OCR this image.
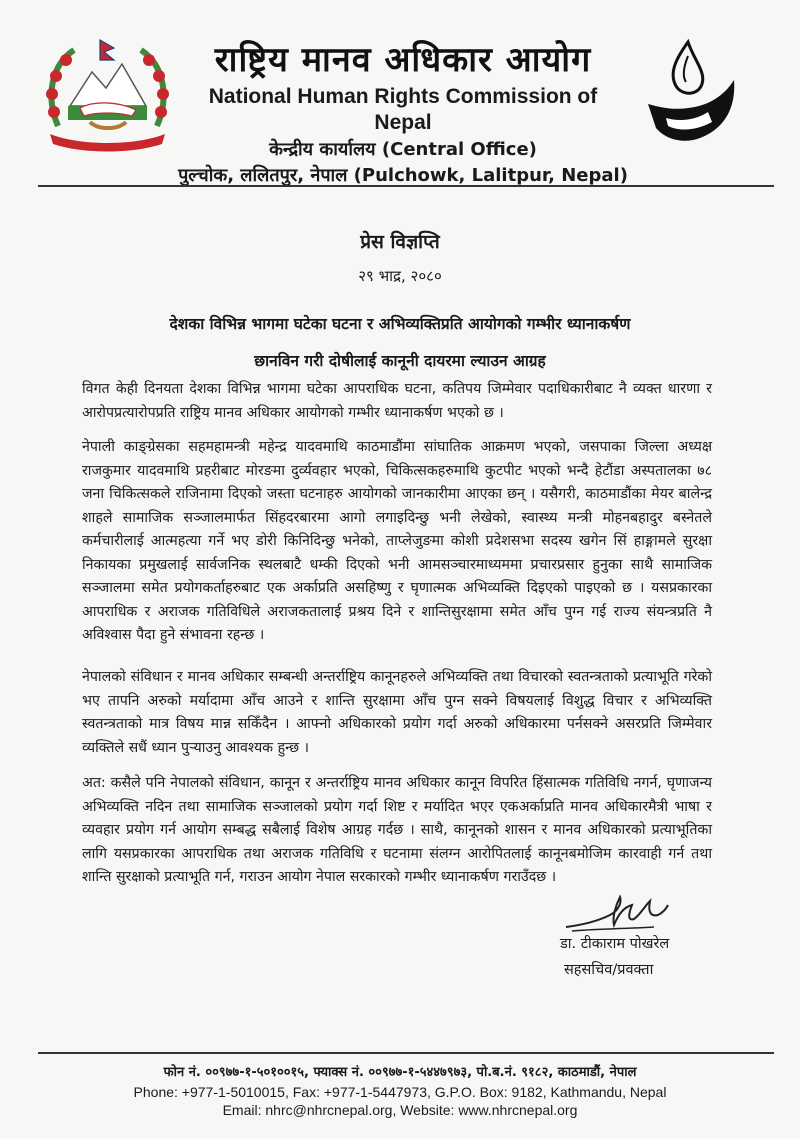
राष्ट्रिय मानव अधिकार आयोग
National Human Rights Commission of Nepal
केन्द्रीय कार्यालय (Central Office)
पुल्चोक, ललितपुर, नेपाल (Pulchowk, Lalitpur, Nepal)
प्रेस विज्ञप्ति
२९ भाद्र, २०८०
देशका विभिन्न भागमा घटेका घटना र अभिव्यक्तिप्रति आयोगको गम्भीर ध्यानाकर्षण
छानविन गरी दोषीलाई कानूनी दायरमा ल्याउन आग्रह
विगत केही दिनयता देशका विभिन्न भागमा घटेका आपराधिक घटना, कतिपय जिम्मेवार पदाधिकारीबाट नै व्यक्त धारणा र आरोपप्रत्यारोपप्रति राष्ट्रिय मानव अधिकार आयोगको गम्भीर ध्यानाकर्षण भएको छ ।
नेपाली काङ्ग्रेसका सहमहामन्त्री महेन्द्र यादवमाथि काठमाडौंमा सांघातिक आक्रमण भएको, जसपाका जिल्ला अध्यक्ष राजकुमार यादवमाथि प्रहरीबाट मोरङमा दुर्व्यवहार भएको, चिकित्सकहरुमाथि कुटपीट भएको भन्दै हेटौंडा अस्पतालका ७८ जना चिकित्सकले राजिनामा दिएको जस्ता घटनाहरु आयोगको जानकारीमा आएका छन् । यसैगरी, काठमाडौंका मेयर बालेन्द्र शाहले सामाजिक सञ्जालमार्फत सिंहदरबारमा आगो लगाइदिन्छु भनी लेखेको, स्वास्थ्य मन्त्री मोहनबहादुर बस्नेतले कर्मचारीलाई आत्महत्या गर्ने भए डोरी किनिदिन्छु भनेको, ताप्लेजुङमा कोशी प्रदेशसभा सदस्य खगेन सिं हाङ्गामले सुरक्षा निकायका प्रमुखलाई सार्वजनिक स्थलबाटै धम्की दिएको भनी आमसञ्चारमाध्यममा प्रचारप्रसार हुनुका साथै सामाजिक सञ्जालमा समेत प्रयोगकर्ताहरुबाट एक अर्काप्रति असहिष्णु र घृणात्मक अभिव्यक्ति दिइएको पाइएको छ । यसप्रकारका आपराधिक र अराजक गतिविधिले अराजकतालाई प्रश्रय दिने र शान्तिसुरक्षामा समेत आँच पुग्न गई राज्य संयन्त्रप्रति नै अविश्वास पैदा हुने संभावना रहन्छ ।
नेपालको संविधान र मानव अधिकार सम्बन्धी अन्तर्राष्ट्रिय कानूनहरुले अभिव्यक्ति तथा विचारको स्वतन्त्रताको प्रत्याभूति गरेको भए तापनि अरुको मर्यादामा आँच आउने र शान्ति सुरक्षामा आँच पुग्न सक्ने विषयलाई विशुद्ध विचार र अभिव्यक्ति स्वतन्त्रताको मात्र विषय मान्न सकिँदैन । आफ्नो अधिकारको प्रयोग गर्दा अरुको अधिकारमा पर्नसक्ने असरप्रति जिम्मेवार व्यक्तिले सधैं ध्यान पुर्‍याउनु आवश्यक हुन्छ ।
अत: कसैले पनि नेपालको संविधान, कानून र अन्तर्राष्ट्रिय मानव अधिकार कानून विपरित हिंसात्मक गतिविधि नगर्न, घृणाजन्य अभिव्यक्ति नदिन तथा सामाजिक सञ्जालको प्रयोग गर्दा शिष्ट र मर्यादित भएर एकअर्काप्रति मानव अधिकारमैत्री भाषा र व्यवहार प्रयोग गर्न आयोग सम्बद्ध सबैलाई विशेष आग्रह गर्दछ । साथै, कानूनको शासन र मानव अधिकारको प्रत्याभूतिका लागि यसप्रकारका आपराधिक तथा अराजक गतिविधि र घटनामा संलग्न आरोपितलाई कानूनबमोजिम कारवाही गर्न तथा शान्ति सुरक्षाको प्रत्याभूति गर्न, गराउन आयोग नेपाल सरकारको गम्भीर ध्यानाकर्षण गराउँदछ ।
डा. टीकाराम पोखरेल
सहसचिव/प्रवक्ता
फोन नं. ००९७७-१-५०१००१५, फ्याक्स नं. ००९७७-१-५४४७९७३, पो.ब.नं. ९१८२, काठमाडौं, नेपाल
Phone: +977-1-5010015, Fax: +977-1-5447973, G.P.O. Box: 9182, Kathmandu, Nepal
Email: nhrc@nhrcnepal.org, Website: www.nhrcnepal.org
